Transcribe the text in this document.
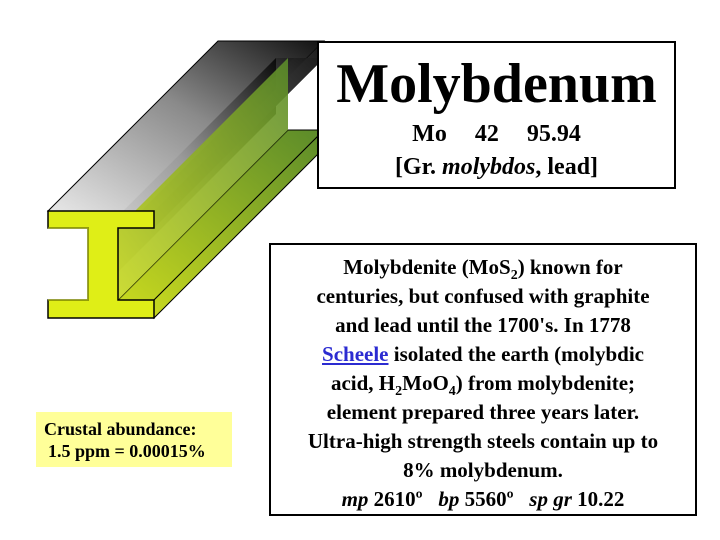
Molybdenum
Mo 42 95.94
[Gr. molybdos, lead]
Molybdenite (MoS$_2$) known for
centuries, but confused with graphite
and lead until the 1700's. In 1778
Scheele isolated the earth (molybdic
acid, $H_2MoO_4$) from molybdenite;
element prepared three years later.
Ultra-high strength steels contain up to
8% molybdenum.
mp 2610º bp 5560º sp gr 10.22
Crustal abundance:
1.5 ppm = 0.00015%
